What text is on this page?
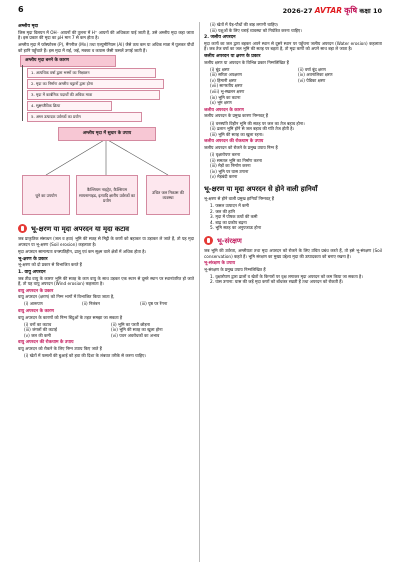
6	2026-27 AVTAR कृषि कक्षा 10
अम्लीय मृदा

जिस मृदा विलयन में OH⁻ आयनों की तुलना में H⁺ आयनों की अधिकता पाई जाती है, उसे अम्लीय मृदा कहा जाता है। इस प्रकार की मृदा का pH मान 7 से कम होता है।

अम्लीय मृदा में फॉस्फोरस (P), मैंगनीज (Mn) तथा एल्युमीनियम (Al) जैसे तत्व कम या अधिक मात्रा में घुलकर पौधों को हानि पहुँचाते हैं। इस मृदा में राई, जई, मक्का व कपास जैसी फसलें उगाई जाती हैं।

अम्लीय मृदा बनने के कारण
1. अत्यधिक वर्षा द्वारा भस्मों का निक्षालन
2. मृदा का निर्माण अम्लीय चट्टानों द्वारा होना
3. मृदा में कार्बनिक पदार्थों की अधिक मात्रा
4. सूक्ष्मजैविक क्रिया
5. अम्ल उत्पादक उर्वरकों का प्रयोग
अम्लीय मृदा में सुधार के उपाय
चूने का उपयोग
कैल्शियम नाइट्रेट, कैल्शियम सायनामाइड, इत्यादि क्षारीय उर्वरकों का प्रयोग
उचित जल निकास की व्यवस्था
भू-क्षरण या मृदा अपरदन या मृदा कटाव

जब प्राकृतिक संसाधन (जल व हवा) भूमि की सतह से मिट्टी के कणों को बहाकर या उड़ाकर ले जाते हैं, तो यह मृदा अपरदन या भू-क्षरण (Soil erosion) कहलाता है।

मृदा अपरदन सामान्यतः वनस्पतिहीन, ढालू एवं कम सूक्ष्म वाले क्षेत्रों में अधिक होता है।

भू-क्षरण के प्रकार

भू-क्षरण को दो प्रकार से विभाजित करते हैं

1. वायु अपरदन

जब तीव्र वायु के कारण भूमि की सतह के कण वायु के साथ उड़कर एक स्थान से दूसरे स्थान पर स्थानांतरित हो जाते हैं, तो यह वायु अपरदन (Wind erosion) कहलाता है।

वायु अपरदन के प्रकार

वायु अपरदन (क्षरण) को निम्न भागों में विभाजित किया जाता है,

(i) आरूपण	(ii) निलंबन	(iii) पृष्ठ पर रेंगना
वायु अपरदन के कारण

वायु अपरदन के कारणों को निम्न बिंदुओं के तहत समझा जा सकता है

(i) वनों का कटाव	(ii) भूमि का परती छोड़ना
(iii) जंगलों की कटाई	(iv) भूमि की सतह का खुला होना
(v) जल की कमी	(vi) पवन अवरोधकों का अभाव
वायु अपरदन की रोकथाम के उपाय

वायु अपरदन को रोकने के लिए निम्न उपाय किए जाते हैं

(i) खेतों में फसलों की बुआई को हवा की दिशा के लंबवत तरीके से करना चाहिए।
(ii) खेतों में पेड़-पौधों की बाड़ लगानी चाहिए।
(iii) पशुओं के लिए चराई व्यवस्था को नियंत्रित करना चाहिए।
2. जलीय अपरदन

मृदा कणों का जल द्वारा बहकर अपने स्थान से दूसरे स्थान पर पहुँचना जलीय अपरदन (Water erosion) कहलाता है। जब तेज वर्षा का जल भूमि की सतह पर बहता है, तो मृदा कणों को अपने साथ बहा ले जाता है।

जलीय अपरदन या क्षरण के प्रकार

जलीय क्षरण या अपरदन के विभिन्न प्रकार निम्नलिखित हैं

(i) बूंद क्षरण	(ii) वर्षा बूंद क्षरण
(iii) सरिता अपक्षरण	(iv) अवनालिका क्षरण
(v) हिमानी क्षरण	(vi) पेडिका क्षरण
(vii) सागरतीय क्षरण
(viii) भू-स्खलन क्षरण
(ix) भूमि का कटना
(x) भूम क्षरण
जलीय अपरदन के कारण

जलीय अपरदन के प्रमुख कारण निम्नवत् हैं

(i) वनस्पति विहीन भूमि की सतह पर जल का तेज बहाव होना।
(ii) ढलान भूमि होने से जल बहाव की गति तेज होती है।
(iii) भूमि की सतह का खुला रहना।
जलीय अपरदन की रोकथाम के उपाय

जलीय अपरदन को रोकने के प्रमुख उपाय निम्न हैं

(i) वृक्षारोपण करना
(ii) समतल भूमि का निर्माण करना
(iii) मेड़ों का निर्माण करना
(iv) भूमि पर घास उगाना
(v) मेड़बंदी करना
भू-क्षरण या मृदा अपरदन से होने वाली हानियाँ

भू-क्षरण से होने वाली प्रमुख हानियाँ निम्नवत् हैं

1. फसल उत्पादन में कमी
2. जल की हानि
3. मृदा में पोषक तत्वों की कमी
4. बाढ़ का प्रकोप बढ़ना
5. भूमि सतह का अनुपजाऊ होना
भू-संरक्षण

जब भूमि की उर्वरता, अम्लीयता तथा मृदा अपरदन को रोकने के लिए उचित प्रबंध करते हैं, तो इसे भू-संरक्षण (Soil conservation) कहते हैं। भूमि संरक्षण का मुख्य उद्देश्य मृदा की उत्पादकता को बनाए रखना है।

भू-संरक्षण के उपाय

भू-संरक्षण के प्रमुख उपाय निम्नलिखित हैं

1. वृक्षारोपण द्वारा ढालों व खेतों के किनारों पर वृक्ष लगाकर मृदा अपरदन को कम किया जा सकता है।
2. घास उगाना: घास की जड़ें मृदा कणों को बाँधकर रखती हैं तथा अपरदन को रोकती हैं।
